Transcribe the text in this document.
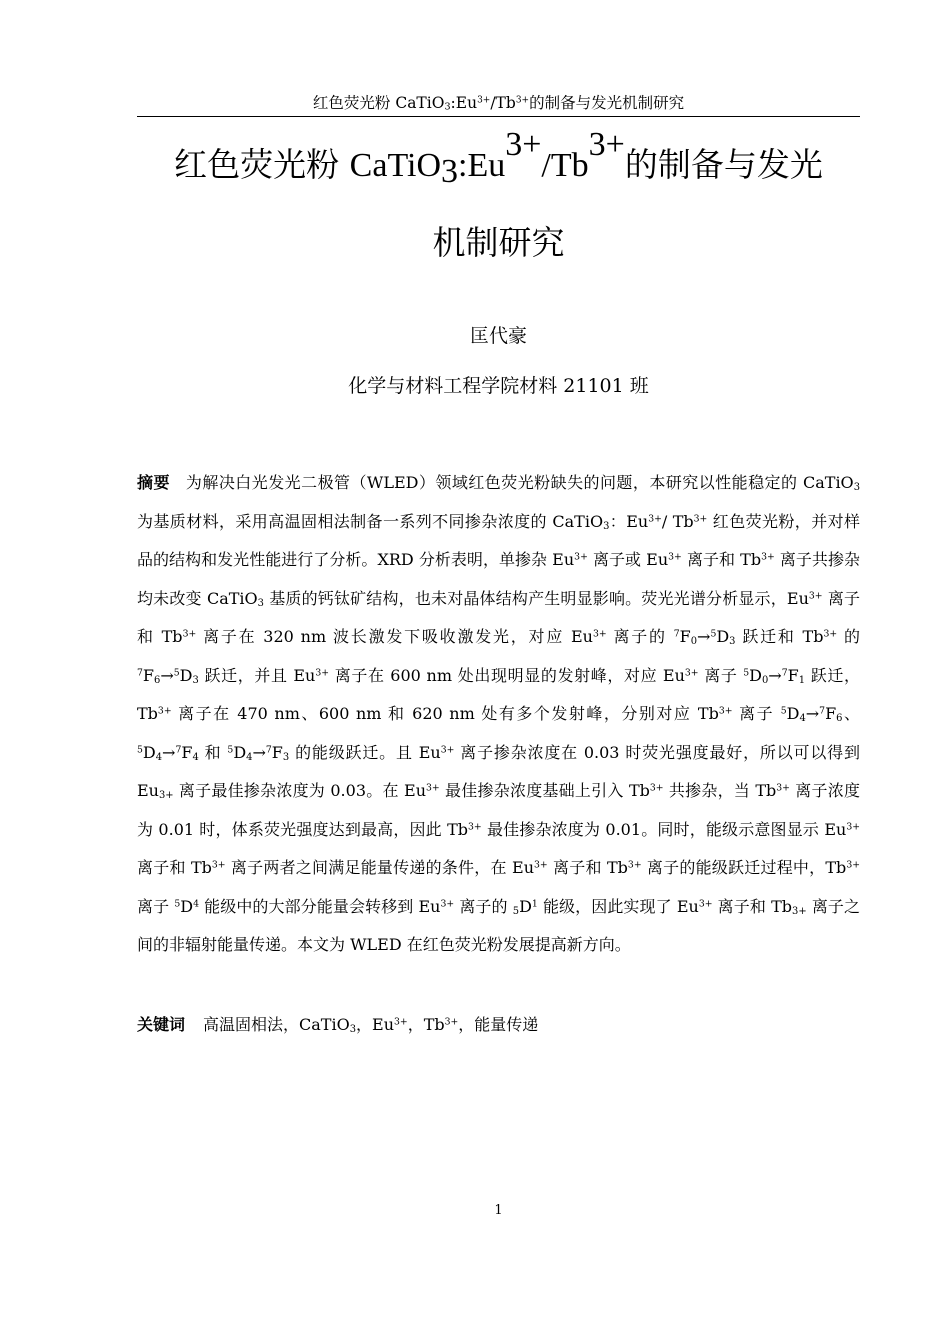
红色荧光粉 $CaTiO_3:Eu^{3+}/Tb^{3+}$的制备与发光机制研究
红色荧光粉 $CaTiO_3:Eu^{3+}/Tb^{3+}$的制备与发光
机制研究
匡代豪
化学与材料工程学院材料 21101 班
摘要 为解决白光发光二极管（WLED）领域红色荧光粉缺失的问题，本研究以性能稳定的 CaTiO$_3$ 为基质材料，采用高温固相法制备一系列不同掺杂浓度的 CaTiO$_3$：$Eu^{3+}/$ $Tb^{3+}$ 红色荧光粉，并对样品的结构和发光性能进行了分析。XRD 分析表明，单掺杂 $Eu^{3+}$ 离子或 $Eu^{3+}$ 离子和 $Tb^{3+}$ 离子共掺杂均未改变 CaTiO$_3$ 基质的钙钛矿结构，也未对晶体结构产生明显影响。荧光光谱分析显示，$Eu^{3+}$ 离子和 $Tb^{3+}$ 离子在 320 nm 波长激发下吸收激发光，对应 $Eu^{3+}$ 离子的 $^7F_0\to^5D_3$ 跃迁和 $Tb^{3+}$ 的 $^7F_6\to^5D_3$ 跃迁，并且 $Eu^{3+}$ 离子在 600 nm 处出现明显的发射峰，对应 $Eu^{3+}$ 离子 $^5D_0\to^7F_1$ 跃迁，$Tb^{3+}$ 离子在 470 nm、600 nm 和 620 nm 处有多个发射峰，分别对应 $Tb^{3+}$ 离子 $^5D_4\to^7F_6$、$^5D_4\to^7F_4$ 和 $^5D_4\to^7F_3$ 的能级跃迁。且 $Eu^{3+}$ 离子掺杂浓度在 0.03 时荧光强度最好，所以可以得到 $Eu_{3+}$ 离子最佳掺杂浓度为 0.03。在 $Eu^{3+}$ 最佳掺杂浓度基础上引入 $Tb^{3+}$ 共掺杂，当 $Tb^{3+}$ 离子浓度为 0.01 时，体系荧光强度达到最高，因此 $Tb^{3+}$ 最佳掺杂浓度为 0.01。同时，能级示意图显示 $Eu^{3+}$ 离子和 $Tb^{3+}$ 离子两者之间满足能量传递的条件，在 $Eu^{3+}$ 离子和 $Tb^{3+}$ 离子的能级跃迁过程中，$Tb^{3+}$ 离子 $^5D^4$ 能级中的大部分能量会转移到 $Eu^{3+}$ 离子的 $_5D^1$ 能级，因此实现了 $Eu^{3+}$ 离子和 $Tb_{3+}$ 离子之间的非辐射能量传递。本文为 WLED 在红色荧光粉发展提高新方向。
关键词 高温固相法，CaTiO$_3$，$Eu^{3+}$，$Tb^{3+}$，能量传递
1
